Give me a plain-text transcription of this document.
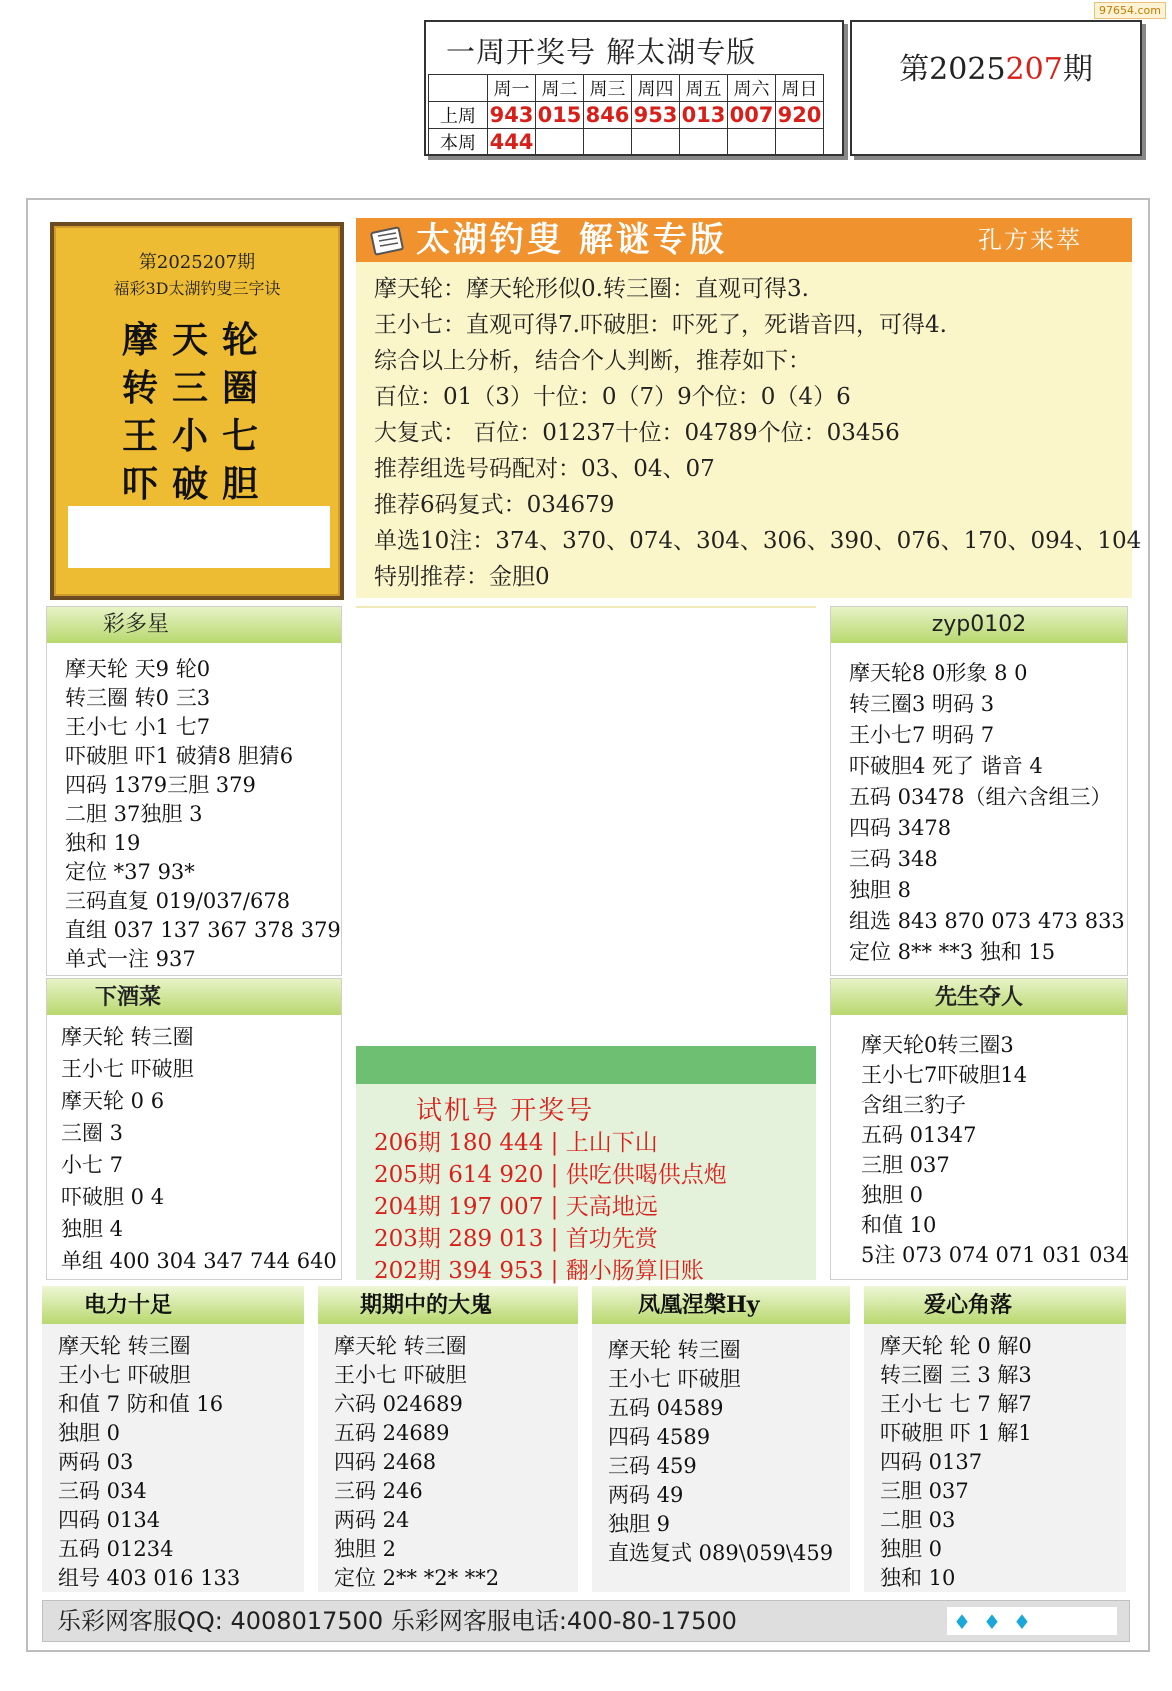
97654.com
一周开奖号 解太湖专版
	周一	周二	周三	周四	周五	周六	周日
上周	943	015	846	953	013	007	920
本周	444						
第2025207期
第2025207期
福彩3D太湖钓叟三字诀
摩天轮
转三圈
王小七
吓破胆
太湖钓叟 解谜专版	孔方来萃
摩天轮：摩天轮形似0.转三圈：直观可得3.
王小七：直观可得7.吓破胆：吓死了，死谐音四，可得4.
综合以上分析，结合个人判断，推荐如下：
百位：01（3）十位：0（7）9个位：0（4）6
大复式： 百位：01237十位：04789个位：03456
推荐组选号码配对：03、04、07
推荐6码复式：034679
单选10注：374、370、074、304、306、390、076、170、094、104
特别推荐：金胆0
彩多星
摩天轮 天9 轮0
转三圈 转0 三3
王小七 小1 七7
吓破胆 吓1 破猜8 胆猜6
四码 1379三胆 379
二胆 37独胆 3
独和 19
定位 *37 93*
三码直复 019/037/678
直组 037 137 367 378 379
单式一注 937
下酒菜
摩天轮 转三圈
王小七 吓破胆
摩天轮 0 6
三圈 3
小七 7
吓破胆 0 4
独胆 4
单组 400 304 347 744 640
试机号 开奖号
206期 180 444 | 上山下山
205期 614 920 | 供吃供喝供点炮
204期 197 007 | 天高地远
203期 289 013 | 首功先赏
202期 394 953 | 翻小肠算旧账
zyp0102
摩天轮8 0形象 8 0
转三圈3 明码 3
王小七7 明码 7
吓破胆4 死了 谐音 4
五码 03478（组六含组三）
四码 3478
三码 348
独胆 8
组选 843 870 073 473 833
定位 8** **3 独和 15
先生夺人
摩天轮0转三圈3
王小七7吓破胆14
含组三豹子
五码 01347
三胆 037
独胆 0
和值 10
5注 073 074 071 031 034
电力十足
摩天轮 转三圈
王小七 吓破胆
和值 7 防和值 16
独胆 0
两码 03
三码 034
四码 0134
五码 01234
组号 403 016 133
期期中的大鬼
摩天轮 转三圈
王小七 吓破胆
六码 024689
五码 24689
四码 2468
三码 246
两码 24
独胆 2
定位 2** *2* **2
凤凰涅槃Hy
摩天轮 转三圈
王小七 吓破胆
五码 04589
四码 4589
三码 459
两码 49
独胆 9
直选复式 089\059\459
爱心角落
摩天轮 轮 0 解0
转三圈 三 3 解3
王小七 七 7 解7
吓破胆 吓 1 解1
四码 0137
三胆 037
二胆 03
独胆 0
独和 10
乐彩网客服QQ: 4008017500 乐彩网客服电话:400-80-17500	♦ ♦ ♦
